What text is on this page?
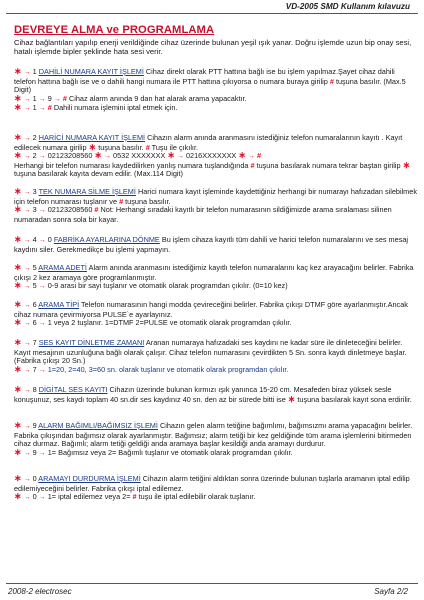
VD-2005 SMD Kullanım kılavuzu
DEVREYE ALMA ve PROGRAMLAMA
Cihaz bağlantıları yapılıp enerji verildiğinde cihaz üzerinde bulunan yeşil ışık yanar. Doğru işlemde uzun bip onay sesi, hatalı işlemde bipler şeklinde hata sesi verir.

∗ → 1 DAHİLİ NUMARA KAYIT İŞLEMİ Cihaz direkt olarak PTT hattına bağlı ise bu işlem yapılmaz.Şayet cihaz dahili telefon hattına bağlı ise ve o dahili hangi numara ile PTT hattına çıkıyorsa o numara buraya girilip # tuşuna basılır. (Max.5 Digit)

∗ → 1 → 9 → # Cihaz alarm anında 9 dan hat alarak arama yapacaktır.

∗ → 1 → # Dahili numara işlemini iptal etmek için.

∗ → 2 HARİCİ NUMARA KAYIT İŞLEMİ Cihazın alarm anında aranmasını istediğiniz telefon numaralarının kayıtı . Kayıt edilecek numara girilip ∗ tuşuna basılır. # Tuşu ile çıkılır.

∗ → 2 → 02123208560 ∗ → 0532 XXXXXXX ∗ → 0216XXXXXXX ∗ → #

Herhangi bir telefon numarası kaydedilirken yanlış numara tuşlandığında # tuşuna basılarak numara tekrar baştan girilip ∗ tuşuna basılarak kayıta devam edilir. (Max.114 Digit)

∗ → 3 TEK NUMARA SİLME İŞLEMİ Harici numara kayıt işleminde kaydettiğiniz herhangi bir numarayı hafızadan silebilmek için telefon numarası tuşlanır ve # tuşuna basılır.

∗ → 3 → 02123208560 # Not: Herhangi sıradaki kayıtlı bir telefon numarasının sildiğimizde arama sıralaması silinen numaradan sonra sola bir kayar.

∗ → 4 → 0 FABRİKA AYARLARINA DÖNME Bu işlem cihaza kayıtlı tüm dahili ve harici telefon numaralarını ve ses mesaj kaydını siler. Gerekmedikçe bu işlemi yapmayın.

∗ → 5 ARAMA ADETİ Alarm anında aranmasını istediğimiz kayıtlı telefon numaralarını kaç kez arayacağını belirler. Fabrika çıkışı 2 kez aramaya göre programlanmıştır.

∗ → 5 → 0-9 arasi bir sayi tuşlanır ve otomatik olarak programdan çıkılır. (0=10 kez)

∗ → 6 ARAMA TİPİ Telefon numarasının hangi modda çevireceğini belirler. Fabrika çıkışı DTMF göre ayarlanmıştır.Ancak cihaz numara çevirmiyorsa PULSE`e ayarlayınız.

∗ → 6 → 1 veya 2 tuşlanır. 1=DTMF 2=PULSE ve otomatik olarak programdan çıkılır.

∗ → 7 SES KAYIT DİNLETME ZAMANI Aranan numaraya hafızadaki ses kaydını ne kadar süre ile dinleteceğini belirler. Kayıt mesajının uzunluğuna bağlı olarak çalışır. Cihaz telefon numarasını çevirdikten 5 Sn. sonra kaydı dinletmeye başlar. (Fabrika çıkışı 20 Sn.)

∗ → 7 → 1=20, 2=40, 3=60 sn. olarak tuşlanır ve otomatik olarak programdan çıkılır.

∗ → 8 DİGİTAL SES KAYITI Cihazın üzerinde bulunan kırmızı ışık yanınca 15-20 cm. Mesafeden biraz yüksek sesle konuşunuz, ses kaydı toplam 40 sn.dir ses kaydınız 40 sn. den az bir sürede bitti ise ∗ tuşuna basılarak kayıt sona erdirilir.

∗ → 9 ALARM BAĞIMLI/BAĞIMSIZ İŞLEMİ Cihazın gelen alarm tetiğine bağımlımı, bağımsızmı arama yapacağını belirler. Fabrika çıkışından bağımsız olarak ayarlanmıştır. Bağımsız; alarm tetiği bir kez geldiğinde tüm arama işlemlerini bitirmeden cihaz durmaz. Bağımlı; alarm tetiği geldiği anda aramaya başlar kesildiği anda aramayı durdurur.

∗ → 9 → 1= Bağımsız veya 2= Bağımlı tuşlanır ve otomatik olarak programdan çıkılır.

∗ → 0 ARAMAYI DURDURMA İŞLEMİ Cihazın alarm tetiğini aldıktan sonra üzerinde bulunan tuşlarla aramanın iptal edilip edilemiyeceğini belirler. Fabrika çıkışı iptal edilemez.

∗ → 0 → 1= iptal edilemez veya 2= # tuşu ile iptal edilebilir olarak tuşlanır.

2008-2 electrosec	Sayfa 2/2
